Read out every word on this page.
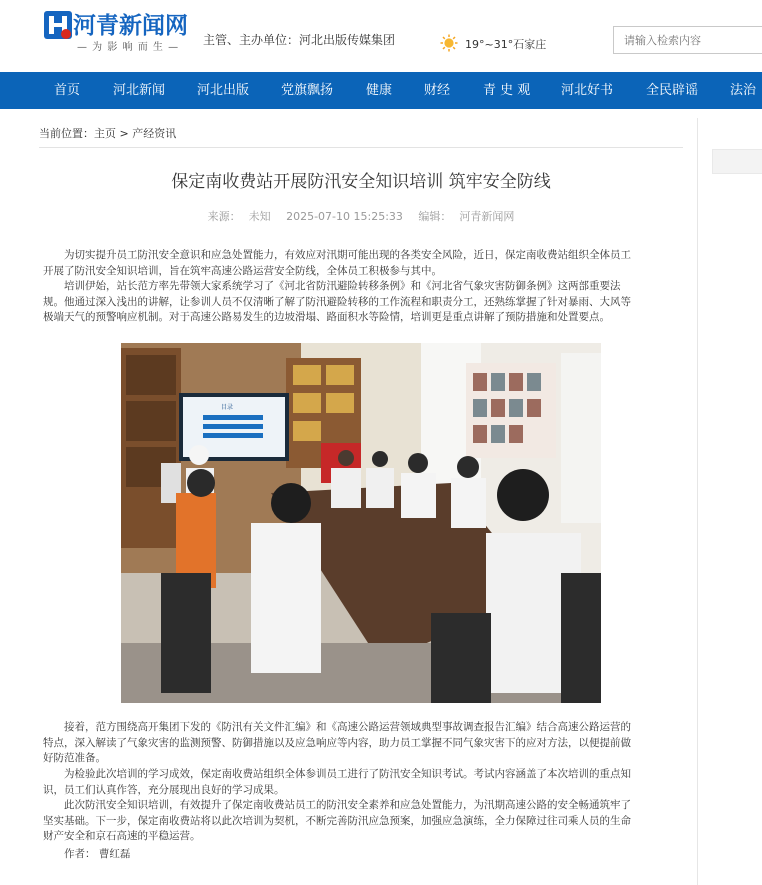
河青新闻网
— 为 影 响 而 生 —
主管、主办单位：河北出版传媒集团	19°~31°石家庄
请输入检索内容
首页	河北新闻 河北出版 党旗飘扬	健康 财经	青 史 观 河北好书	全民辟谣 法治
当前位置：主页 > 产经资讯
保定南收费站开展防汛安全知识培训 筑牢安全防线
来源： 未知 2025-07-10 15:25:33 编辑： 河青新闻网
为切实提升员工防汛安全意识和应急处置能力，有效应对汛期可能出现的各类安全风险，近日，保定南收费站组织全体员工
开展了防汛安全知识培训，旨在筑牢高速公路运营安全防线，全体员工积极参与其中。
培训伊始，站长范方率先带领大家系统学习了《河北省防汛避险转移条例》和《河北省气象灾害防御条例》这两部重要法
规。他通过深入浅出的讲解，让参训人员不仅清晰了解了防汛避险转移的工作流程和职责分工，还熟练掌握了针对暴雨、大风等
极端天气的预警响应机制。对于高速公路易发生的边坡滑塌、路面积水等险情，培训更是重点讲解了预防措施和处置要点。
目录
接着，范方围绕高开集团下发的《防汛有关文件汇编》和《高速公路运营领域典型事故调查报告汇编》结合高速公路运营的
特点，深入解读了气象灾害的监测预警、防御措施以及应急响应等内容，助力员工掌握不同气象灾害下的应对方法，以便提前做
好防范准备。
为检验此次培训的学习成效，保定南收费站组织全体参训员工进行了防汛安全知识考试。考试内容涵盖了本次培训的重点知
识，员工们认真作答，充分展现出良好的学习成果。
此次防汛安全知识培训，有效提升了保定南收费站员工的防汛安全素养和应急处置能力，为汛期高速公路的安全畅通筑牢了
坚实基础。下一步，保定南收费站将以此次培训为契机，不断完善防汛应急预案，加强应急演练，全力保障过往司乘人员的生命
财产安全和京石高速的平稳运营。
作者： 曹红磊
